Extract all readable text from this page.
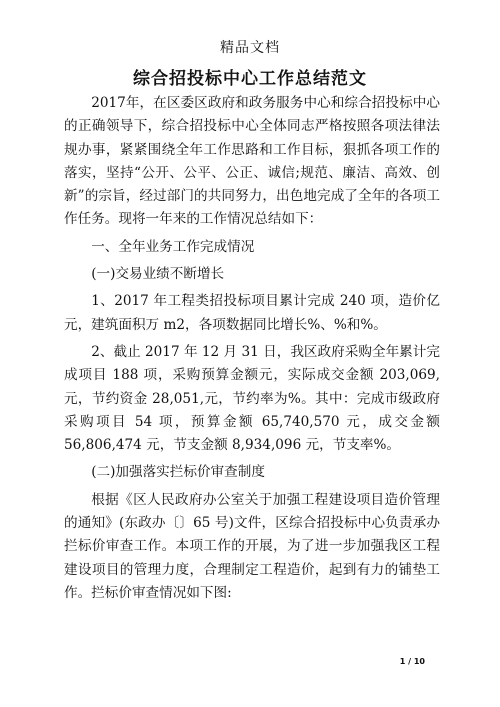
精品文档
综合招投标中心工作总结范文

2017年，在区委区政府和政务服务中心和综合招投标中心的正确领导下，综合招投标中心全体同志严格按照各项法律法规办事，紧紧围绕全年工作思路和工作目标，狠抓各项工作的落实，坚持“公开、公平、公正、诚信;规范、廉洁、高效、创新”的宗旨，经过部门的共同努力，出色地完成了全年的各项工作任务。现将一年来的工作情况总结如下：

一、全年业务工作完成情况

(一)交易业绩不断增长

1、2017 年工程类招投标项目累计完成 240 项，造价亿元，建筑面积万 m2，各项数据同比增长%、%和%。

2、截止 2017 年 12 月 31 日，我区政府采购全年累计完成项目 188 项，采购预算金额元，实际成交金额 203,069,元，节约资金 28,051,元，节约率为%。其中：完成市级政府采购项目 54 项，预算金额 65,740,570 元，成交金额 56,806,474 元，节支金额 8,934,096 元，节支率%。

(二)加强落实拦标价审查制度

根据《区人民政府办公室关于加强工程建设项目造价管理的通知》(东政办〔〕65 号)文件，区综合招投标中心负责承办拦标价审查工作。本项工作的开展，为了进一步加强我区工程建设项目的管理力度，合理制定工程造价，起到有力的铺垫工作。拦标价审查情况如下图:

1 / 10
